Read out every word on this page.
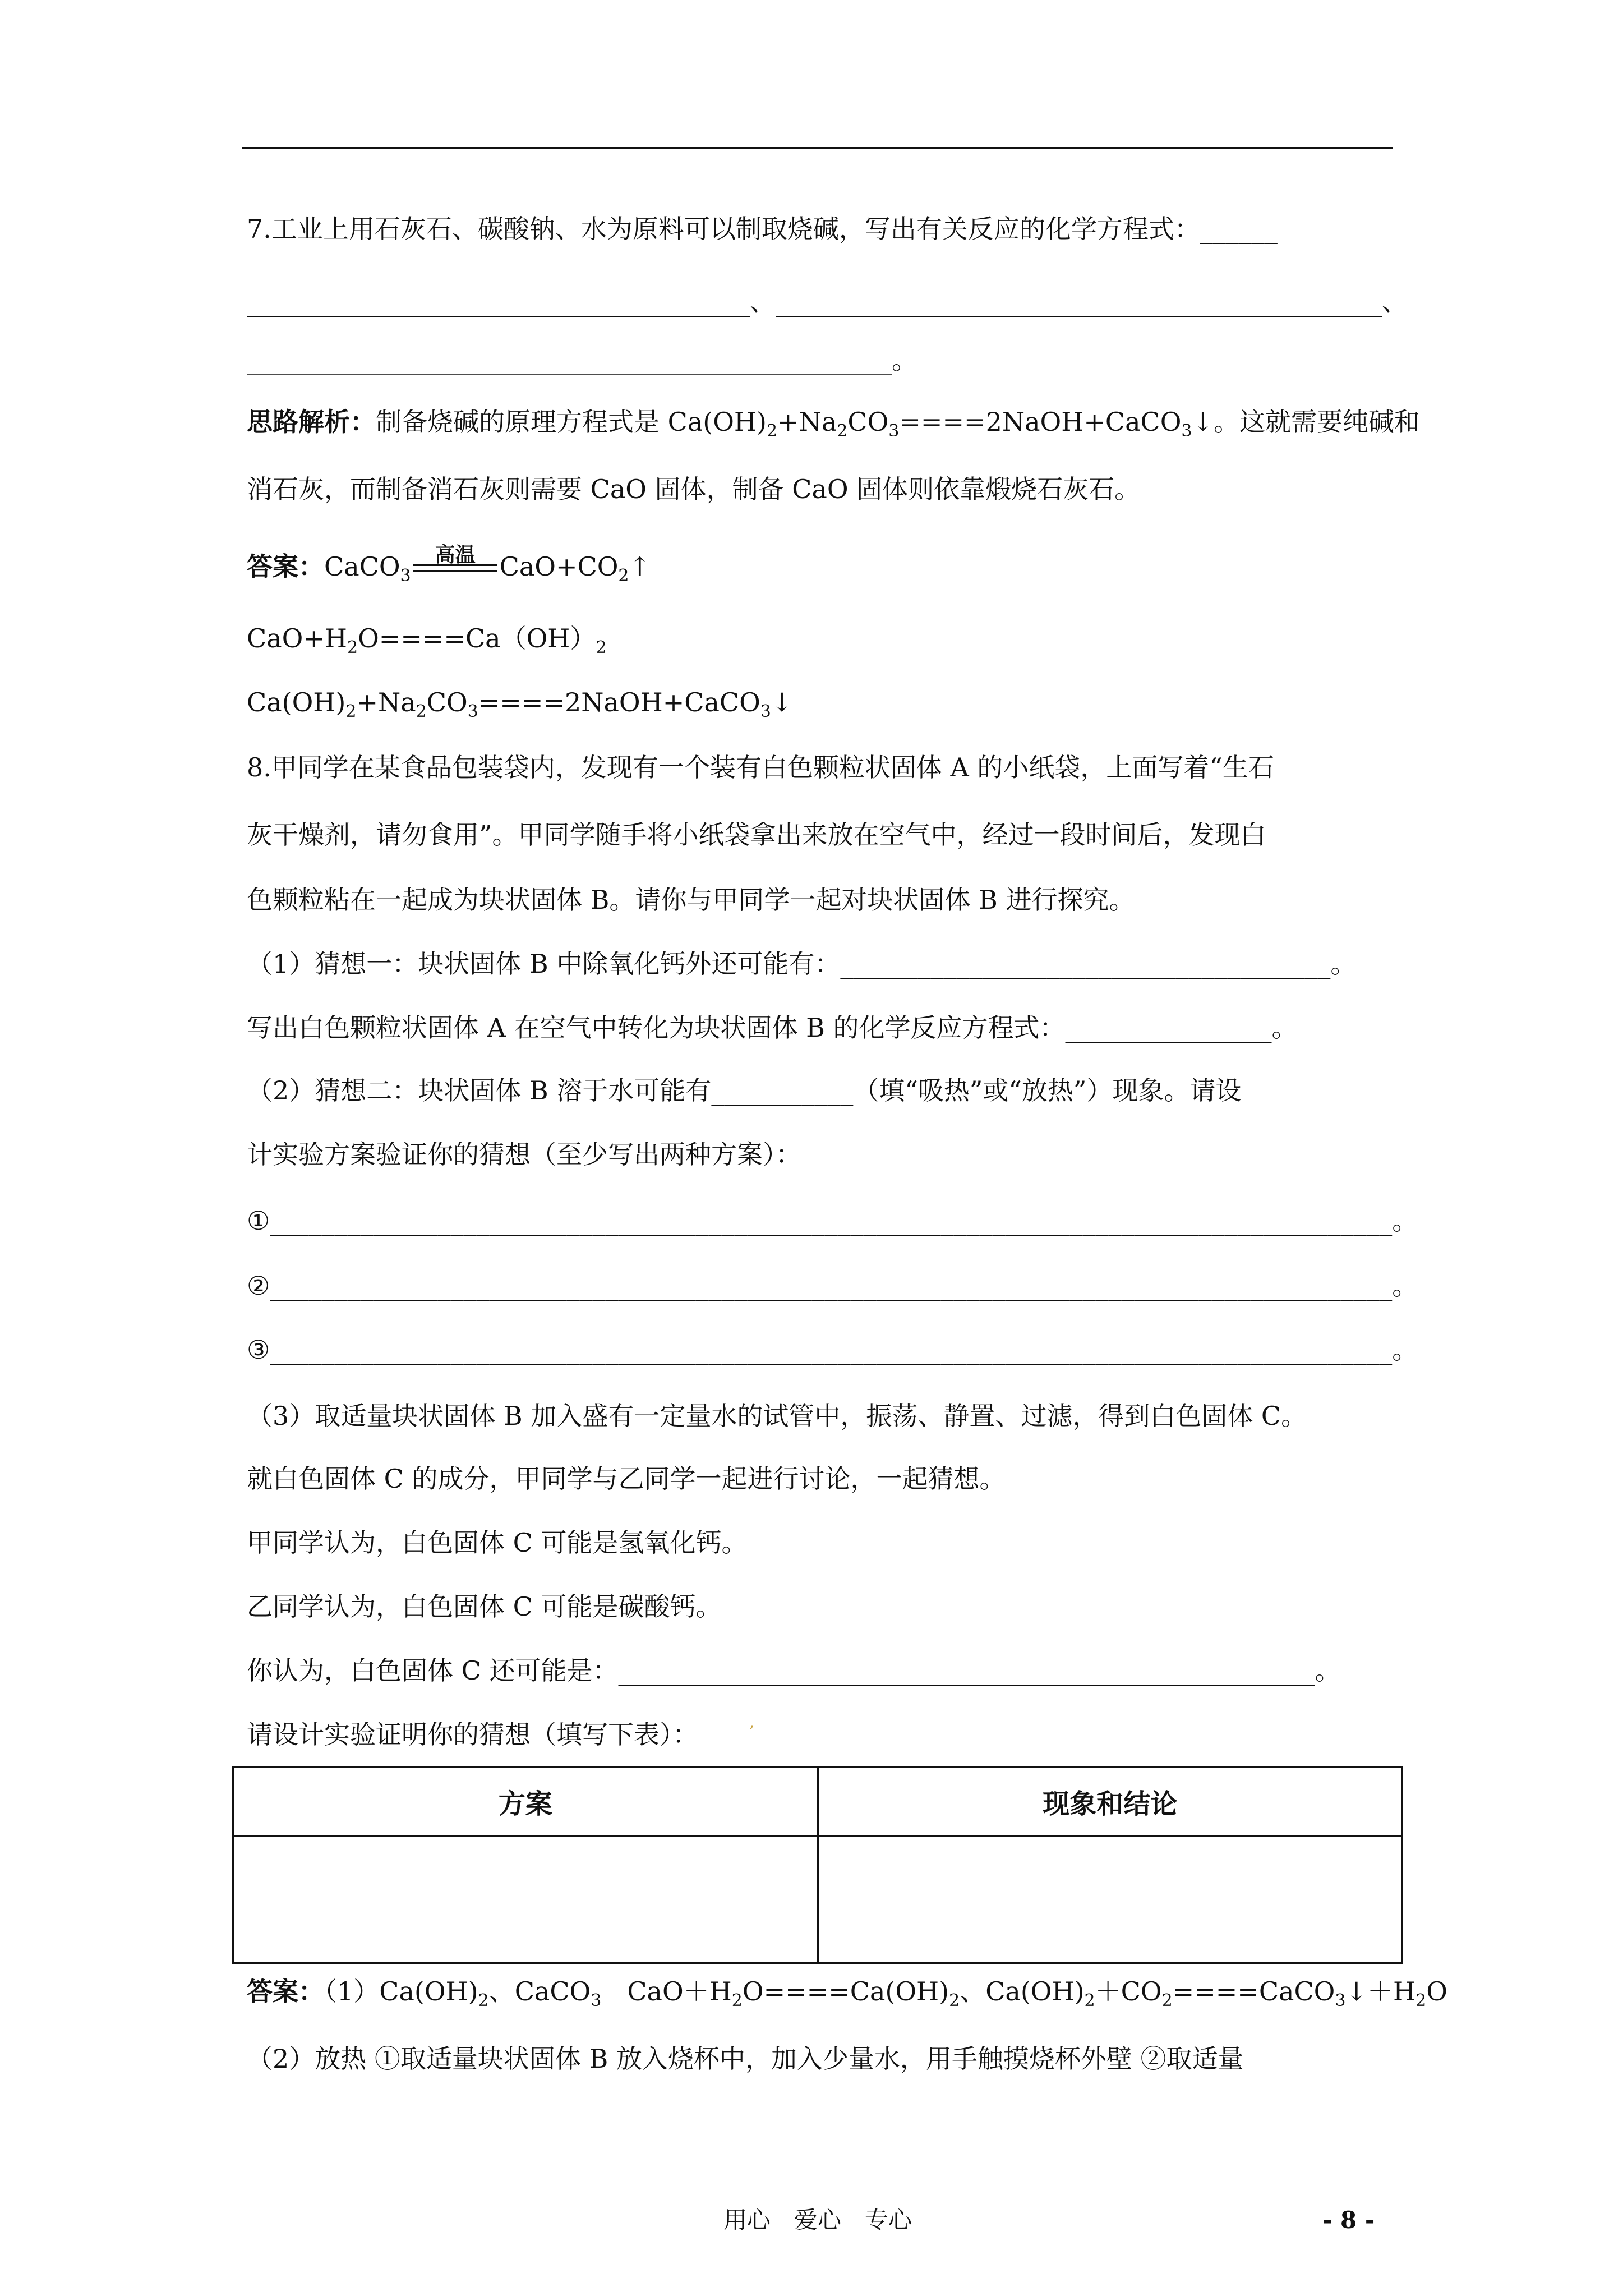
7.工业上用石灰石、碳酸钠、水为原料可以制取烧碱，写出有关反应的化学方程式：______
_______________________________________、_______________________________________________、
__________________________________________________。
思路解析：制备烧碱的原理方程式是 $Ca(OH)_2+Na_2CO_3====2NaOH+CaCO_3↓$。这就需要纯碱和
消石灰，而制备消石灰则需要 CaO 固体，制备 CaO 固体则依靠煅烧石灰石。
答案：CaCO$_3$
高温 $CaO+CO_2↑$
$CaO+H_2O====Ca(OH)_2$
$Ca(OH)_2+Na_2CO_3====2NaOH+CaCO_3↓$
8.甲同学在某食品包装袋内，发现有一个装有白色颗粒状固体 A 的小纸袋，上面写着“生石
灰干燥剂，请勿食用”。甲同学随手将小纸袋拿出来放在空气中，经过一段时间后，发现白
色颗粒粘在一起成为块状固体 B。请你与甲同学一起对块状固体 B 进行探究。
（1）猜想一：块状固体 B 中除氧化钙外还可能有：______________________________________。
写出白色颗粒状固体 A 在空气中转化为块状固体 B 的化学反应方程式：________________。
（2）猜想二：块状固体 B 溶于水可能有___________（填“吸热”或“放热”）现象。请设
计实验方案验证你的猜想（至少写出两种方案）：
①_______________________________________________________________________________________。
②_______________________________________________________________________________________。
③_______________________________________________________________________________________。
（3）取适量块状固体 B 加入盛有一定量水的试管中，振荡、静置、过滤，得到白色固体 C。
就白色固体 C 的成分，甲同学与乙同学一起进行讨论，一起猜想。
甲同学认为，白色固体 C 可能是氢氧化钙。
乙同学认为，白色固体 C 可能是碳酸钙。
你认为，白色固体 C 还可能是：______________________________________________________。
请设计实验证明你的猜想（填写下表）：	,
方案	现象和结论

答案：$(1)Ca(OH)_2$、CaCO$_3$　$CaO+H_2O====Ca(OH)_2$、$Ca(OH)_2+CO_2====CaCO_3↓+H_2O$
（2）放热 ①取适量块状固体 B 放入烧杯中，加入少量水，用手触摸烧杯外壁 ②取适量
用心　爱心　专心	- 8 -
